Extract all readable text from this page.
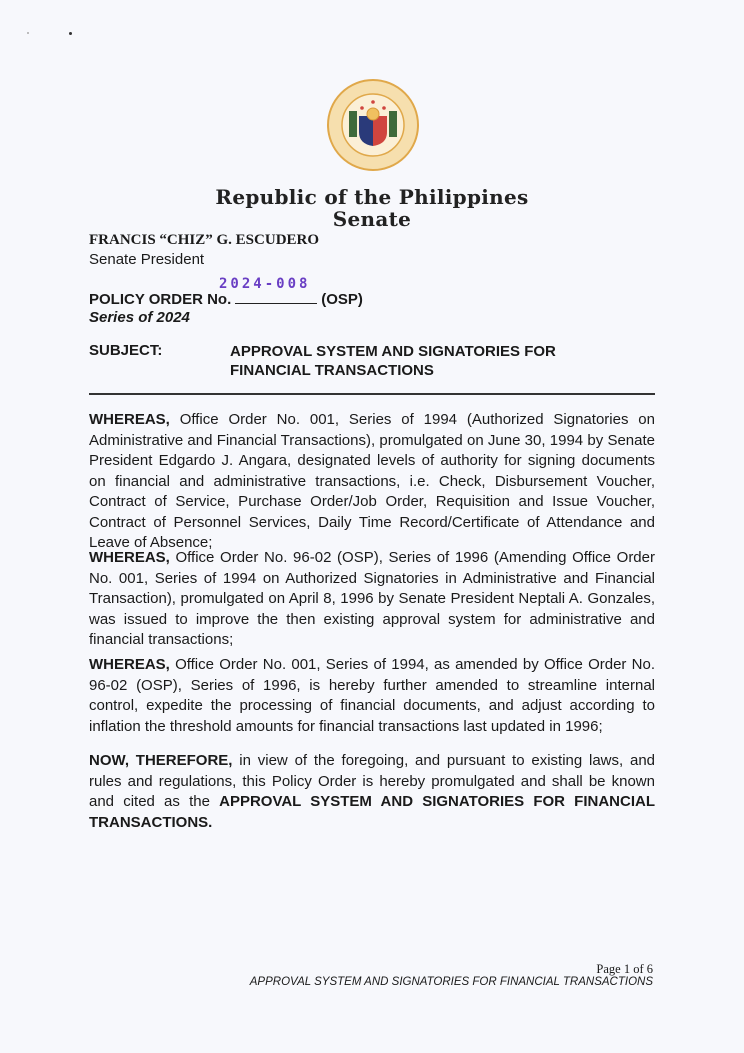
Republic of the Philippines
Senate
FRANCIS “CHIZ” G. ESCUDERO
Senate President
2024-008
POLICY ORDER No.	(OSP)
Series of 2024
SUBJECT:	APPROVAL SYSTEM AND SIGNATORIES FOR FINANCIAL TRANSACTIONS
WHEREAS, Office Order No. 001, Series of 1994 (Authorized Signatories on Administrative and Financial Transactions), promulgated on June 30, 1994 by Senate President Edgardo J. Angara, designated levels of authority for signing documents on financial and administrative transactions, i.e. Check, Disbursement Voucher, Contract of Service, Purchase Order/Job Order, Requisition and Issue Voucher, Contract of Personnel Services, Daily Time Record/Certificate of Attendance and Leave of Absence;
WHEREAS, Office Order No. 96-02 (OSP), Series of 1996 (Amending Office Order No. 001, Series of 1994 on Authorized Signatories in Administrative and Financial Transaction), promulgated on April 8, 1996 by Senate President Neptali A. Gonzales, was issued to improve the then existing approval system for administrative and financial transactions;
WHEREAS, Office Order No. 001, Series of 1994, as amended by Office Order No. 96-02 (OSP), Series of 1996, is hereby further amended to streamline internal control, expedite the processing of financial documents, and adjust according to inflation the threshold amounts for financial transactions last updated in 1996;
NOW, THEREFORE, in view of the foregoing, and pursuant to existing laws, and rules and regulations, this Policy Order is hereby promulgated and shall be known and cited as the APPROVAL SYSTEM AND SIGNATORIES FOR FINANCIAL TRANSACTIONS.
Page 1 of 6
APPROVAL SYSTEM AND SIGNATORIES FOR FINANCIAL TRANSACTIONS
